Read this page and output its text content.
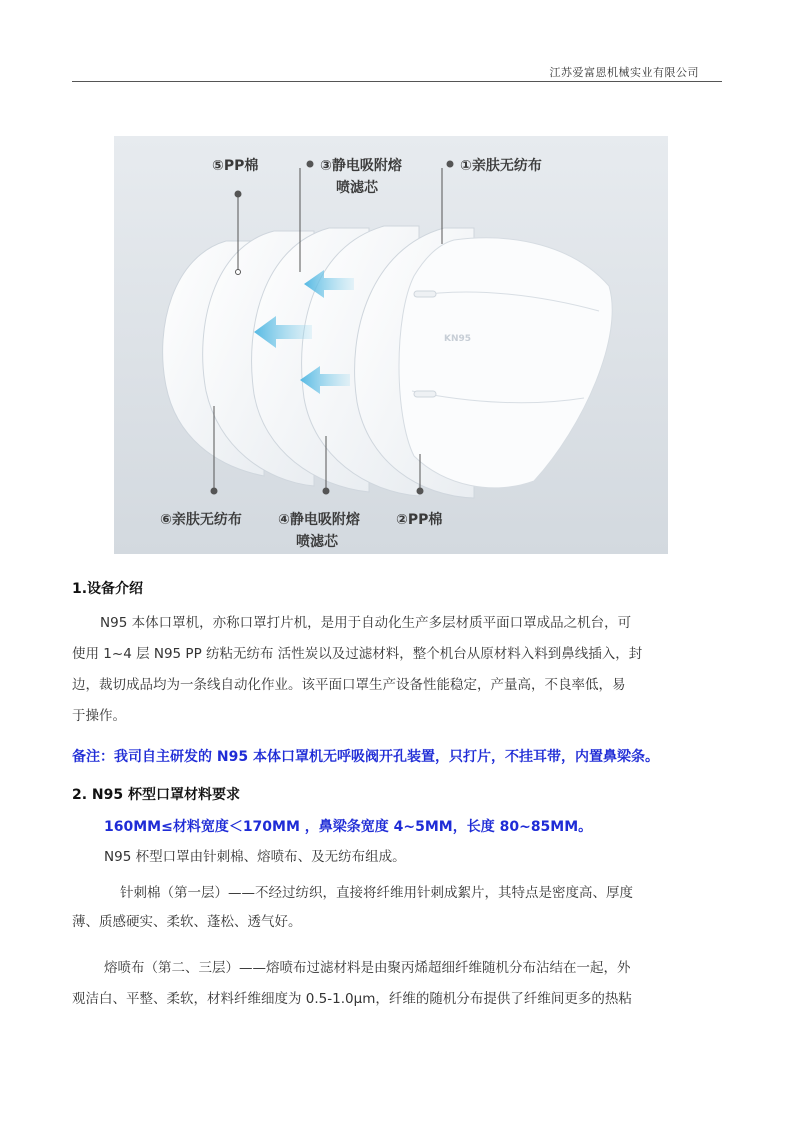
江苏爱富恩机械实业有限公司
KN95
⑤PP棉	③静电吸附熔
喷滤芯
①亲肤无纺布
⑥亲肤无纺布	④静电吸附熔
喷滤芯
②PP棉

1.设备介绍

N95 本体口罩机，亦称口罩打片机，是用于自动化生产多层材质平面口罩成品之机台，可

使用 1~4 层 N95 PP 纺粘无纺布 活性炭以及过滤材料，整个机台从原材料入料到鼻线插入，封

边，裁切成品均为一条线自动化作业。该平面口罩生产设备性能稳定，产量高，不良率低，易

于操作。

备注：我司自主研发的 N95 本体口罩机无呼吸阀开孔装置，只打片，不挂耳带，内置鼻梁条。

2. N95 杯型口罩材料要求

160MM≤材料宽度＜170MM ，鼻梁条宽度 4~5MM，长度 80~85MM。

N95 杯型口罩由针刺棉、熔喷布、及无纺布组成。

针刺棉（第一层）——不经过纺织，直接将纤维用针刺成絮片，其特点是密度高、厚度

薄、质感硬实、柔软、蓬松、透气好。

熔喷布（第二、三层）——熔喷布过滤材料是由聚丙烯超细纤维随机分布沾结在一起，外

观洁白、平整、柔软，材料纤维细度为 0.5-1.0μm，纤维的随机分布提供了纤维间更多的热粘
